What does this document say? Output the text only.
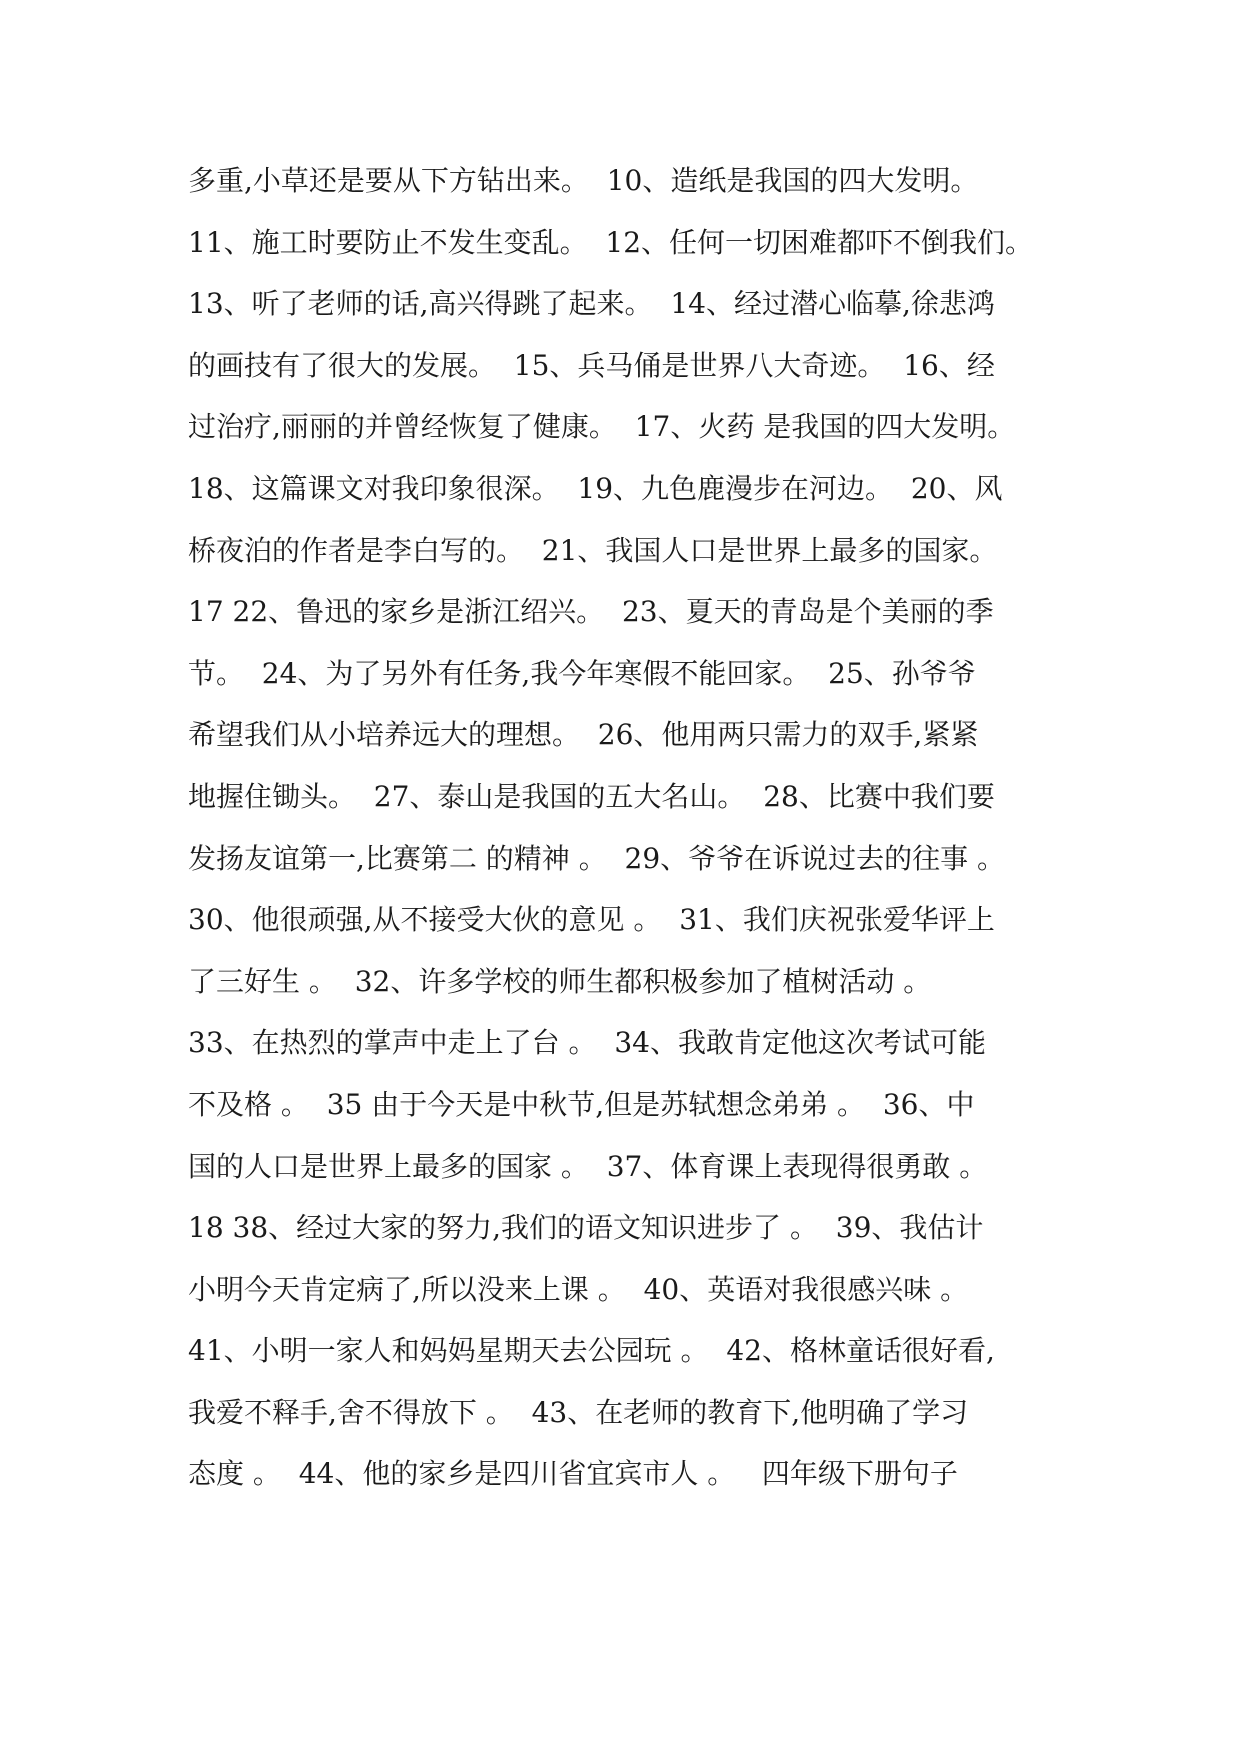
多重,小草还是要从下方钻出来。  10、造纸是我国的四大发明。
11、施工时要防止不发生变乱。  12、任何一切困难都吓不倒我们。
13、听了老师的话,高兴得跳了起来。  14、经过潜心临摹,徐悲鸿
的画技有了很大的发展。  15、兵马俑是世界八大奇迹。  16、经
过治疗,丽丽的并曾经恢复了健康。  17、火药 是我国的四大发明。
18、这篇课文对我印象很深。  19、九色鹿漫步在河边。  20、风
桥夜泊的作者是李白写的。  21、我国人口是世界上最多的国家。
17 22、鲁迅的家乡是浙江绍兴。  23、夏天的青岛是个美丽的季
节。  24、为了另外有任务,我今年寒假不能回家。  25、孙爷爷
希望我们从小培养远大的理想。  26、他用两只需力的双手,紧紧
地握住锄头。  27、泰山是我国的五大名山。  28、比赛中我们要
发扬友谊第一,比赛第二 的精神 。  29、爷爷在诉说过去的往事 。
30、他很顽强,从不接受大伙的意见 。  31、我们庆祝张爱华评上
了三好生 。  32、许多学校的师生都积极参加了植树活动 。
33、在热烈的掌声中走上了台 。  34、我敢肯定他这次考试可能
不及格 。  35 由于今天是中秋节,但是苏轼想念弟弟 。  36、中
国的人口是世界上最多的国家 。  37、体育课上表现得很勇敢 。
18 38、经过大家的努力,我们的语文知识进步了 。  39、我估计
小明今天肯定病了,所以没来上课 。  40、英语对我很感兴味 。
41、小明一家人和妈妈星期天去公园玩 。  42、格林童话很好看,
我爱不释手,舍不得放下 。  43、在老师的教育下,他明确了学习
态度 。  44、他的家乡是四川省宜宾市人 。   四年级下册句子
